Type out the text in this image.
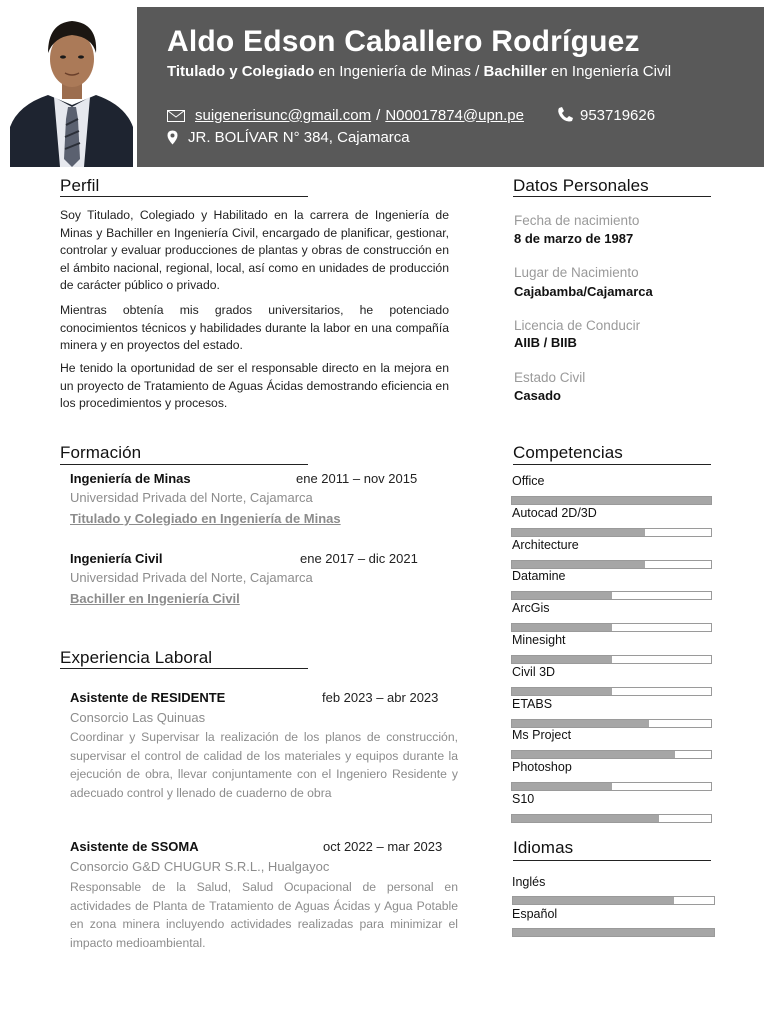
Aldo Edson Caballero Rodríguez
Titulado y Colegiado en Ingeniería de Minas / Bachiller en Ingeniería Civil
suigenerisunc@gmail.com / N00017874@upn.pe	953719626
JR. BOLÍVAR N° 384, Cajamarca
Perfil
Soy Titulado, Colegiado y Habilitado en la carrera de Ingeniería de Minas y Bachiller en Ingeniería Civil, encargado de planificar, gestionar, controlar y evaluar producciones de plantas y obras de construcción en el ámbito nacional, regional, local, así como en unidades de producción de carácter público o privado.
Mientras obtenía mis grados universitarios, he potenciado conocimientos técnicos y habilidades durante la labor en una compañía minera y en proyectos del estado.
He tenido la oportunidad de ser el responsable directo en la mejora en un proyecto de Tratamiento de Aguas Ácidas demostrando eficiencia en los procedimientos y procesos.
Formación
Ingeniería de Minas	ene 2011 – nov 2015
Universidad Privada del Norte, Cajamarca
Titulado y Colegiado en Ingeniería de Minas
Ingeniería Civil	ene 2017 – dic 2021
Universidad Privada del Norte, Cajamarca
Bachiller en Ingeniería Civil
Experiencia Laboral
Asistente de RESIDENTE	feb 2023 – abr 2023
Consorcio Las Quinuas
Coordinar y Supervisar la realización de los planos de construcción, supervisar el control de calidad de los materiales y equipos durante la ejecución de obra, llevar conjuntamente con el Ingeniero Residente y adecuado control y llenado de cuaderno de obra
Asistente de SSOMA	oct 2022 – mar 2023
Consorcio G&D CHUGUR S.R.L., Hualgayoc
Responsable de la Salud, Salud Ocupacional de personal en actividades de Planta de Tratamiento de Aguas Ácidas y Agua Potable en zona minera incluyendo actividades realizadas para minimizar el impacto medioambiental.
Datos Personales
Fecha de nacimiento
8 de marzo de 1987
Lugar de Nacimiento
Cajabamba/Cajamarca
Licencia de Conducir
AIIB / BIIB
Estado Civil
Casado
Competencias
Office
Autocad 2D/3D
Architecture
Datamine
ArcGis
Minesight
Civil 3D
ETABS
Ms Project
Photoshop
S10
Idiomas
Inglés
Español
